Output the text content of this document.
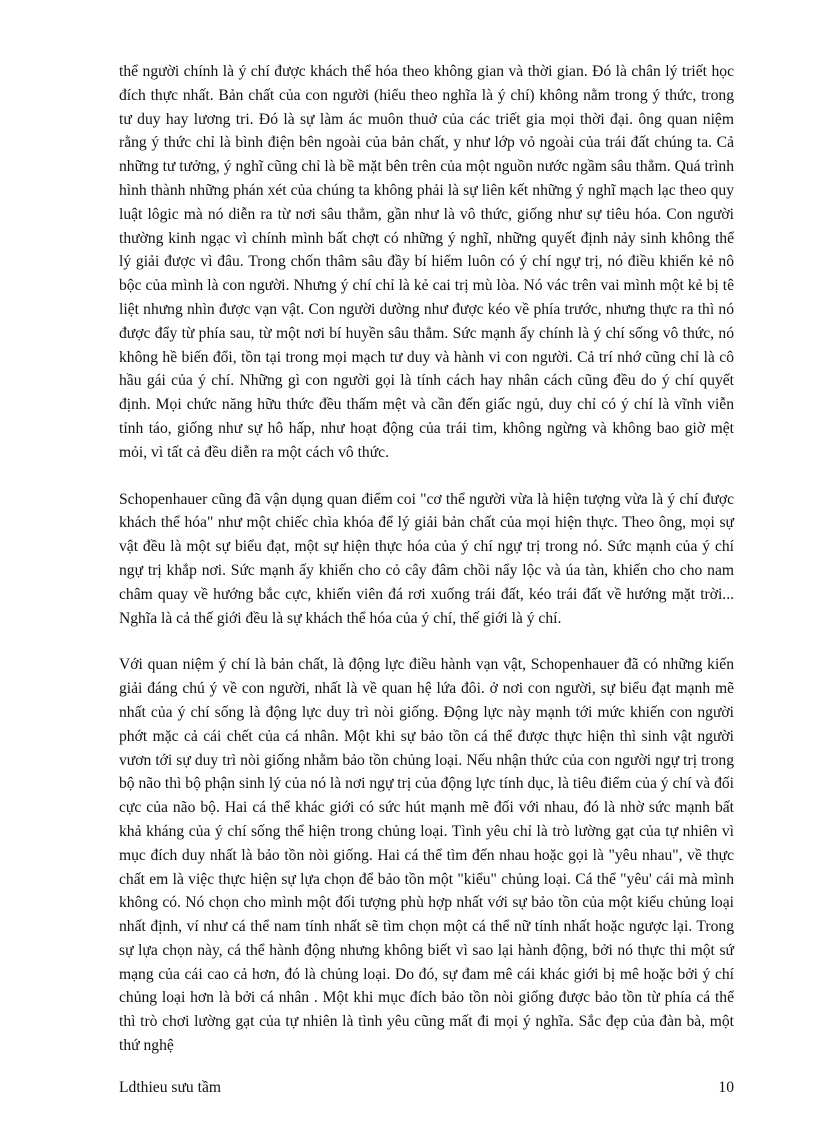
thể người chính là ý chí được khách thể hóa theo không gian và thời gian. Đó là chân lý triết học đích thực nhất. Bản chất của con người (hiểu theo nghĩa là ý chí) không nằm trong ý thức, trong tư duy hay lương tri. Đó là sự làm ác muôn thuở của các triết gia mọi thời đại. ông quan niệm rằng ý thức chỉ là bình điện bên ngoài của bản chất, y như lớp vỏ ngoài của trái đất chúng ta. Cả những tư tưởng, ý nghĩ cũng chỉ là bề mặt bên trên của một nguồn nước ngầm sâu thẳm. Quá trình hình thành những phán xét của chúng ta không phải là sự liên kết những ý nghĩ mạch lạc theo quy luật lôgic mà nó diễn ra từ nơi sâu thẳm, gần như là vô thức, giống như sự tiêu hóa. Con người thường kinh ngạc vì chính mình bất chợt có những ý nghĩ, những quyết định nảy sinh không thể lý giải được vì đâu. Trong chốn thâm sâu đầy bí hiểm luôn có ý chí ngự trị, nó điều khiển kẻ nô bộc của mình là con người. Nhưng ý chí chỉ là kẻ cai trị mù lòa. Nó vác trên vai mình một kẻ bị tê liệt nhưng nhìn được vạn vật. Con người dường như được kéo về phía trước, nhưng thực ra thì nó được đẩy từ phía sau, từ một nơi bí huyền sâu thẳm. Sức mạnh ấy chính là ý chí sống vô thức, nó không hề biến đổi, tồn tại trong mọi mạch tư duy và hành vi con người. Cả trí nhớ cũng chỉ là cô hầu gái của ý chí. Những gì con người gọi là tính cách hay nhân cách cũng đều do ý chí quyết định. Mọi chức năng hữu thức đều thấm mệt và cần đến giấc ngủ, duy chỉ có ý chí là vĩnh viễn tỉnh táo, giống như sự hô hấp, như hoạt động của trái tim, không ngừng và không bao giờ mệt mỏi, vì tất cả đều diễn ra một cách vô thức.

Schopenhauer cũng đã vận dụng quan điểm coi "cơ thể người vừa là hiện tượng vừa là ý chí được khách thể hóa" như một chiếc chìa khóa để lý giải bản chất của mọi hiện thực. Theo ông, mọi sự vật đều là một sự biểu đạt, một sự hiện thực hóa của ý chí ngự trị trong nó. Sức mạnh của ý chí ngự trị khắp nơi. Sức mạnh ấy khiến cho cỏ cây đâm chồi nẩy lộc và úa tàn, khiến cho cho nam châm quay về hướng bắc cực, khiến viên đá rơi xuống trái đất, kéo trái đất về hướng mặt trời... Nghĩa là cả thế giới đều là sự khách thể hóa của ý chí, thế giới là ý chí.

Với quan niệm ý chí là bản chất, là động lực điều hành vạn vật, Schopenhauer đã có những kiến giải đáng chú ý về con người, nhất là về quan hệ lứa đôi. ở nơi con người, sự biểu đạt mạnh mẽ nhất của ý chí sống là động lực duy trì nòi giống. Động lực này mạnh tới mức khiến con người phớt mặc cả cái chết của cá nhân. Một khi sự bảo tồn cá thể được thực hiện thì sinh vật người vươn tới sự duy trì nòi giống nhằm bảo tồn chủng loại. Nếu nhận thức của con người ngự trị trong bộ não thì bộ phận sinh lý của nó là nơi ngự trị của động lực tính dục, là tiêu điểm của ý chí và đối cực của não bộ. Hai cá thể khác giới có sức hút mạnh mẽ đối với nhau, đó là nhờ sức mạnh bất khả kháng của ý chí sống thể hiện trong chủng loại. Tình yêu chỉ là trò lường gạt của tự nhiên vì mục đích duy nhất là bảo tồn nòi giống. Hai cá thể tìm đến nhau hoặc gọi là "yêu nhau", về thực chất em là việc thực hiện sự lựa chọn để bảo tồn một "kiểu" chủng loại. Cá thể "yêu' cái mà mình không có. Nó chọn cho mình một đối tượng phù hợp nhất với sự bảo tồn của một kiểu chủng loại nhất định, ví như cá thể nam tính nhất sẽ tìm chọn một cá thể nữ tính nhất hoặc ngược lại. Trong sự lựa chọn này, cá thể hành động nhưng không biết vì sao lại hành động, bởi nó thực thi một sứ mạng của cái cao cả hơn, đó là chủng loại. Do đó, sự đam mê cái khác giới bị mê hoặc bởi ý chí chủng loại hơn là bởi cá nhân . Một khi mục đích bảo tồn nòi giống được bảo tồn từ phía cá thể thì trò chơi lường gạt của tự nhiên là tình yêu cũng mất đi mọi ý nghĩa. Sắc đẹp của đàn bà, một thứ nghệ

Ldthieu sưu tầm	10
